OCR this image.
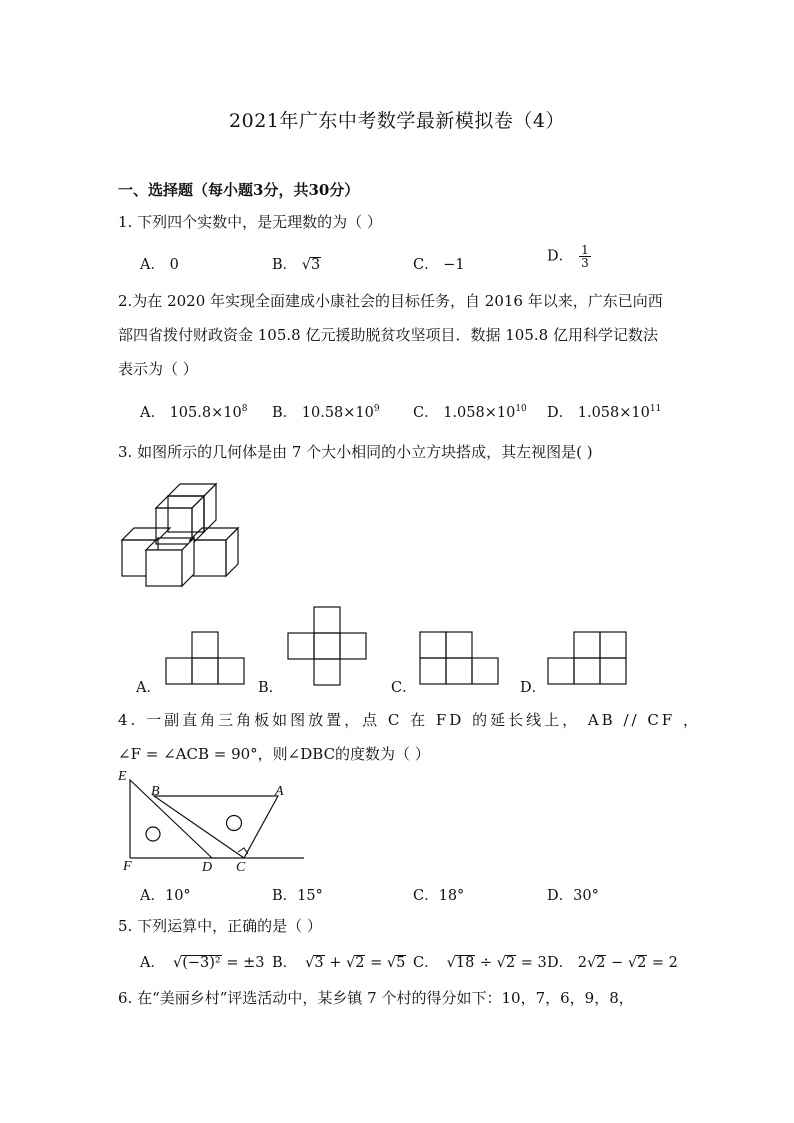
2021年广东中考数学最新模拟卷（4）
一、选择题（每小题3分，共30分）
1. 下列四个实数中，是无理数的为（ ）
A． 0	B． √3	C． −1
D． $\frac{1}{3}$
2.为在 2020 年实现全面建成小康社会的目标任务，自 2016 年以来，广东已向西
部四省拨付财政资金 105.8 亿元援助脱贫攻坚项目．数据 105.8 亿用科学记数法
表示为（ ）
A． $105.8\times 10^8$ B． $10.58\times 10^9$ C． $1.058\times 10^{10}$ D． $1.058\times 10^{11}$
3. 如图所示的几何体是由 7 个大小相同的小立方块搭成，其左视图是( )
A．	B．	C．	D．
4. 一副直角三角板如图放置，点 C 在 FD 的延长线上， AB // CF ，
∠F = ∠ACB = 90°，则∠DBC的度数为（ ）
E
B	A
F	D C
A．10°	B．15°	C．18°	D．30°
5. 下列运算中，正确的是（ ）
A． √(−3)² = ±3 B． √3 + √2 = √5 C． √18 ÷ √2 = 3 D． 2√2 − √2 = 2
6. 在“美丽乡村”评选活动中，某乡镇 7 个村的得分如下：10，7，6，9，8，
